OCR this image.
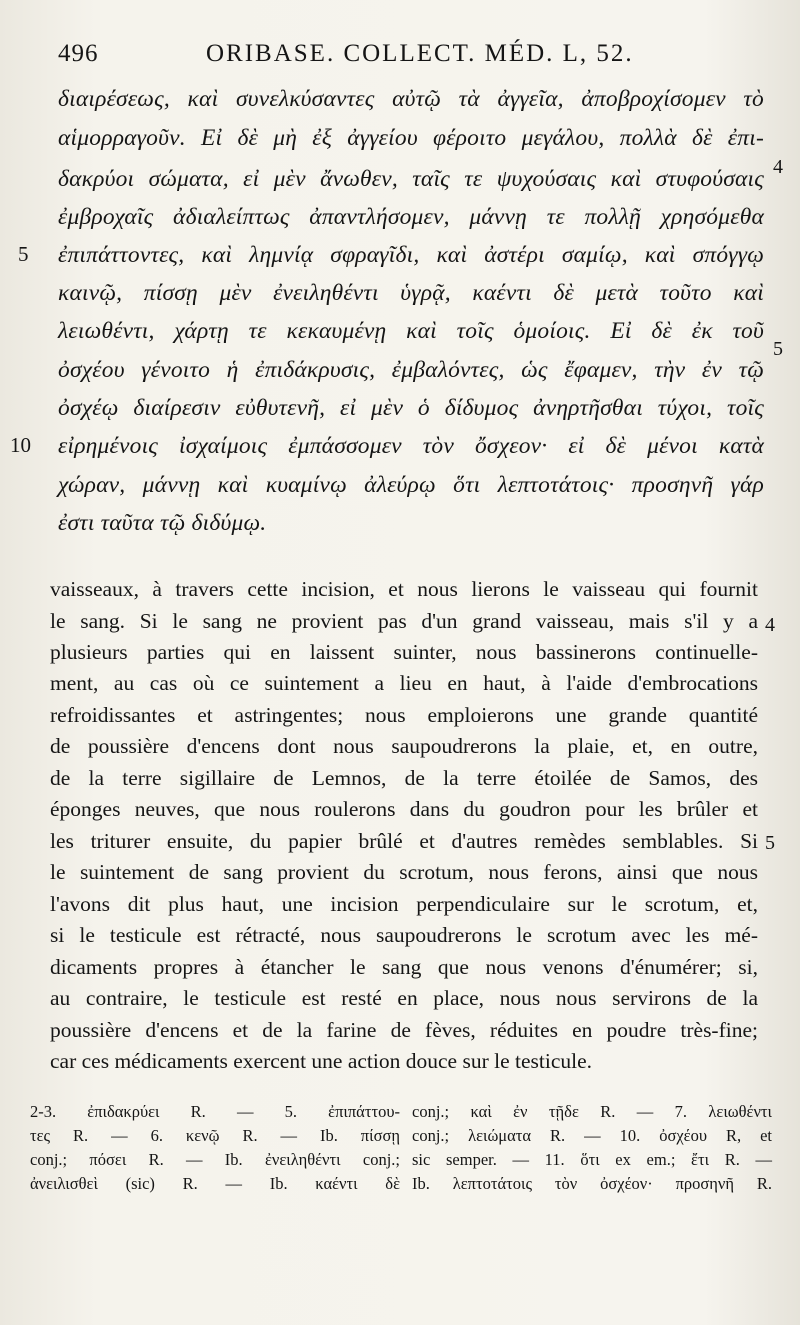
496	ORIBASE. COLLECT. MÉD. L, 52.
διαιρέσεως, καὶ συνελκύσαντες αὐτῷ τὰ ἀγγεῖα, ἀποβροχίσομεν τὸ
αἱμορραγοῦν. Εἰ δὲ μὴ ἐξ ἀγγείου φέροιτο μεγάλου, πολλὰ δὲ ἐπι-
δακρύοι σώματα, εἰ μὲν ἄνωθεν, ταῖς τε ψυχούσαις καὶ στυφούσαις
ἐμβροχαῖς ἀδιαλείπτως ἀπαντλήσομεν, μάννῃ τε πολλῇ χρησόμεθα
ἐπιπάττοντες, καὶ λημνίᾳ σφραγῖδι, καὶ ἀστέρι σαμίῳ, καὶ σπόγγῳ
καινῷ, πίσσῃ μὲν ἐνειληθέντι ὑγρᾷ, καέντι δὲ μετὰ τοῦτο καὶ
λειωθέντι, χάρτῃ τε κεκαυμένῃ καὶ τοῖς ὁμοίοις. Εἰ δὲ ἐκ τοῦ
ὀσχέου γένοιτο ἡ ἐπιδάκρυσις, ἐμβαλόντες, ὡς ἔφαμεν, τὴν ἐν τῷ
ὀσχέῳ διαίρεσιν εὐθυτενῆ, εἰ μὲν ὁ δίδυμος ἀνηρτῆσθαι τύχοι, τοῖς
εἰρημένοις ἰσχαίμοις ἐμπάσσομεν τὸν ὄσχεον· εἰ δὲ μένοι κατὰ
χώραν, μάννῃ καὶ κυαμίνῳ ἀλεύρῳ ὅτι λεπτοτάτοις· προσηνῆ γάρ
ἐστι ταῦτα τῷ διδύμῳ.
5
10
4
5
vaisseaux, à travers cette incision, et nous lierons le vaisseau qui fournit
le sang. Si le sang ne provient pas d'un grand vaisseau, mais s'il y a
plusieurs parties qui en laissent suinter, nous bassinerons continuelle-
ment, au cas où ce suintement a lieu en haut, à l'aide d'embrocations
refroidissantes et astringentes; nous emploierons une grande quantité
de poussière d'encens dont nous saupoudrerons la plaie, et, en outre,
de la terre sigillaire de Lemnos, de la terre étoilée de Samos, des
éponges neuves, que nous roulerons dans du goudron pour les brûler et
les triturer ensuite, du papier brûlé et d'autres remèdes semblables. Si
le suintement de sang provient du scrotum, nous ferons, ainsi que nous
l'avons dit plus haut, une incision perpendiculaire sur le scrotum, et,
si le testicule est rétracté, nous saupoudrerons le scrotum avec les mé-
dicaments propres à étancher le sang que nous venons d'énumérer; si,
au contraire, le testicule est resté en place, nous nous servirons de la
poussière d'encens et de la farine de fèves, réduites en poudre très-fine;
car ces médicaments exercent une action douce sur le testicule.
4
5
2-3. ἐπιδακρύει R. — 5. ἐπιπάττου-
τες R. — 6. κενῷ R. — Ib. πίσσῃ
conj.; πόσει R. — Ib. ἐνειληθέντι conj.;
ἀνειλισθεὶ (sic) R. — Ib. καέντι δὲ
conj.; καὶ ἐν τῇδε R. — 7. λειωθέντι
conj.; λειώματα R. — 10. ὀσχέου R, et
sic semper. — 11. ὅτι ex em.; ἔτι R. —
Ib. λεπτοτάτοις τὸν ὀσχέον· προσηνῆ R.
